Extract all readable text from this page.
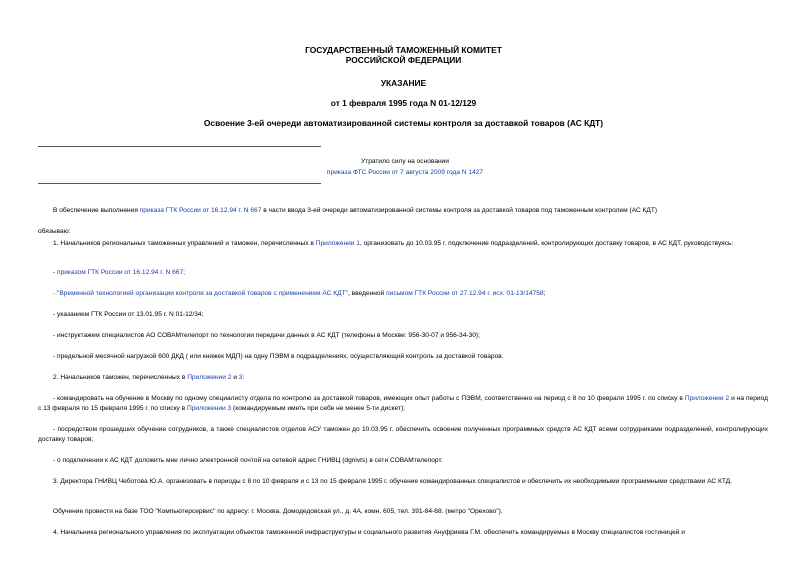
ГОСУДАРСТВЕННЫЙ ТАМОЖЕННЫЙ КОМИТЕТ
РОССИЙСКОЙ ФЕДЕРАЦИИ
УКАЗАНИЕ
от 1 февраля 1995 года N 01-12/129
Освоение 3-ей очереди автоматизированной системы контроля за доставкой товаров (АС КДТ)
Утратило силу на основании
приказа ФТС России от 7 августа 2009 года N 1427
В обеспечение выполнения приказа ГТК России от 16.12.94 г. N 667 в части ввода 3-ей очереди автоматизированной системы контроля за доставкой товаров под таможенным контролем (АС КДТ)
обязываю:
1. Начальников региональных таможенных управлений и таможен, перечисленных в Приложении 1, организовать до 10.03.95 г. подключение подразделений, контролирующих доставку товаров, в АС КДТ, руководствуясь:
- приказом ГТК России от 16.12.94 г. N 667;
- "Временной технологией организации контроля за доставкой товаров с применением АС КДТ", введенной письмом ГТК России от 27.12.94 г. исх. 01-13/14758;
- указанием ГТК России от 13.01.95 г. N 01-12/34;
- инструктажем специалистов АО СОВАМтелепорт по технологии передачи данных в АС КДТ (телефоны в Москве: 956-30-07 и 956-34-30);
- предельной месячной нагрузкой 600 ДКД ( или книжек МДП) на одну ПЭВМ в подразделениях, осуществляющий контроль за доставкой товаров.
2. Начальников таможен, перечисленных в Приложении 2 и 3:
- командировать на обучение в Москву по одному специалисту отдела по контролю за доставкой товаров, имеющих опыт работы с ПЭВМ, соответственно на период с 8 по 10 февраля 1995 г. по списку в Приложении 2 и на период с 13 февраля по 15 февраля 1995 г. по списку в Приложении 3 (командируемым иметь при себе не менее 5-ти дискет);
- посредством прошедших обучение сотрудников, а также специалистов отделов АСУ таможен до 10.03.95 г. обеспечить освоение полученных программных средств АС КДТ всеми сотрудниками подразделений, контролирующих доставку товаров;
- о подключении к АС КДТ доложить мне лично электронной почтой на сетевой адрес ГНИВЦ (dgnivts) в сети СОВАМтелепорт.
3. Директора ГНИВЦ Чеботова Ю.А. организовать в периоды с 8 по 10 февраля и с 13 по 15 февраля 1995 г. обучение командированных специалистов и обеспечить их необходимыми программными средствами АС КТД.
Обучение провести на базе ТОО "Компьютерсервис" по адресу: г. Москва, Домодедовская ул., д. 4А, комн. 605, тел. 391-84-68. (метро "Орехово").
4. Начальника регионального управления по эксплуатации объектов таможенной инфраструктуры и социального развития Ануфриева Г.М. обеспечить командируемых в Москву специалистов гостиницей и
